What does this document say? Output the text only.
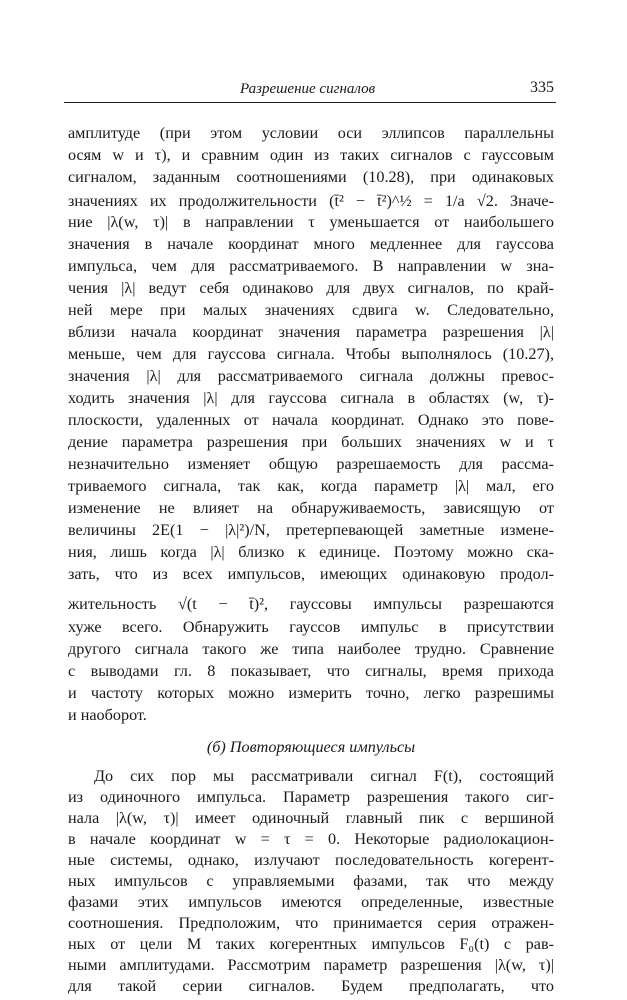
Разрешение сигналов	335
амплитуде (при этом условии оси эллипсов параллельны
осям w и τ), и сравним один из таких сигналов с гауссовым
сигналом, заданным соотношениями (10.28), при одинаковых
значениях их продолжительности (t̄² − t̄²)^½ = 1/a √2. Значе-
ние |λ(w, τ)| в направлении τ уменьшается от наибольшего
значения в начале координат много медленнее для гауссова
импульса, чем для рассматриваемого. В направлении w зна-
чения |λ| ведут себя одинаково для двух сигналов, по край-
ней мере при малых значениях сдвига w. Следовательно,
вблизи начала координат значения параметра разрешения |λ|
меньше, чем для гауссова сигнала. Чтобы выполнялось (10.27),
значения |λ| для рассматриваемого сигнала должны превос-
ходить значения |λ| для гауссова сигнала в областях (w, τ)-
плоскости, удаленных от начала координат. Однако это пове-
дение параметра разрешения при больших значениях w и τ
незначительно изменяет общую разрешаемость для рассма-
триваемого сигнала, так как, когда параметр |λ| мал, его
изменение не влияет на обнаруживаемость, зависящую от
величины 2E(1 − |λ|²)/N, претерпевающей заметные измене-
ния, лишь когда |λ| близко к единице. Поэтому можно ска-
зать, что из всех импульсов, имеющих одинаковую продол-
жительность √(t − t̄)², гауссовы импульсы разрешаются
хуже всего. Обнаружить гауссов импульс в присутствии
другого сигнала такого же типа наиболее трудно. Сравнение
с выводами гл. 8 показывает, что сигналы, время прихода
и частоту которых можно измерить точно, легко разрешимы
и наоборот.
(б) Повторяющиеся импульсы
До сих пор мы рассматривали сигнал F(t), состоящий
из одиночного импульса. Параметр разрешения такого сиг-
нала |λ(w, τ)| имеет одиночный главный пик с вершиной
в начале координат w = τ = 0. Некоторые радиолокацион-
ные системы, однако, излучают последовательность когерент-
ных импульсов с управляемыми фазами, так что между
фазами этих импульсов имеются определенные, известные
соотношения. Предположим, что принимается серия отражен-
ных от цели M таких когерентных импульсов F₀(t) с рав-
ными амплитудами. Рассмотрим параметр разрешения |λ(w, τ)|
для такой серии сигналов. Будем предполагать, что
